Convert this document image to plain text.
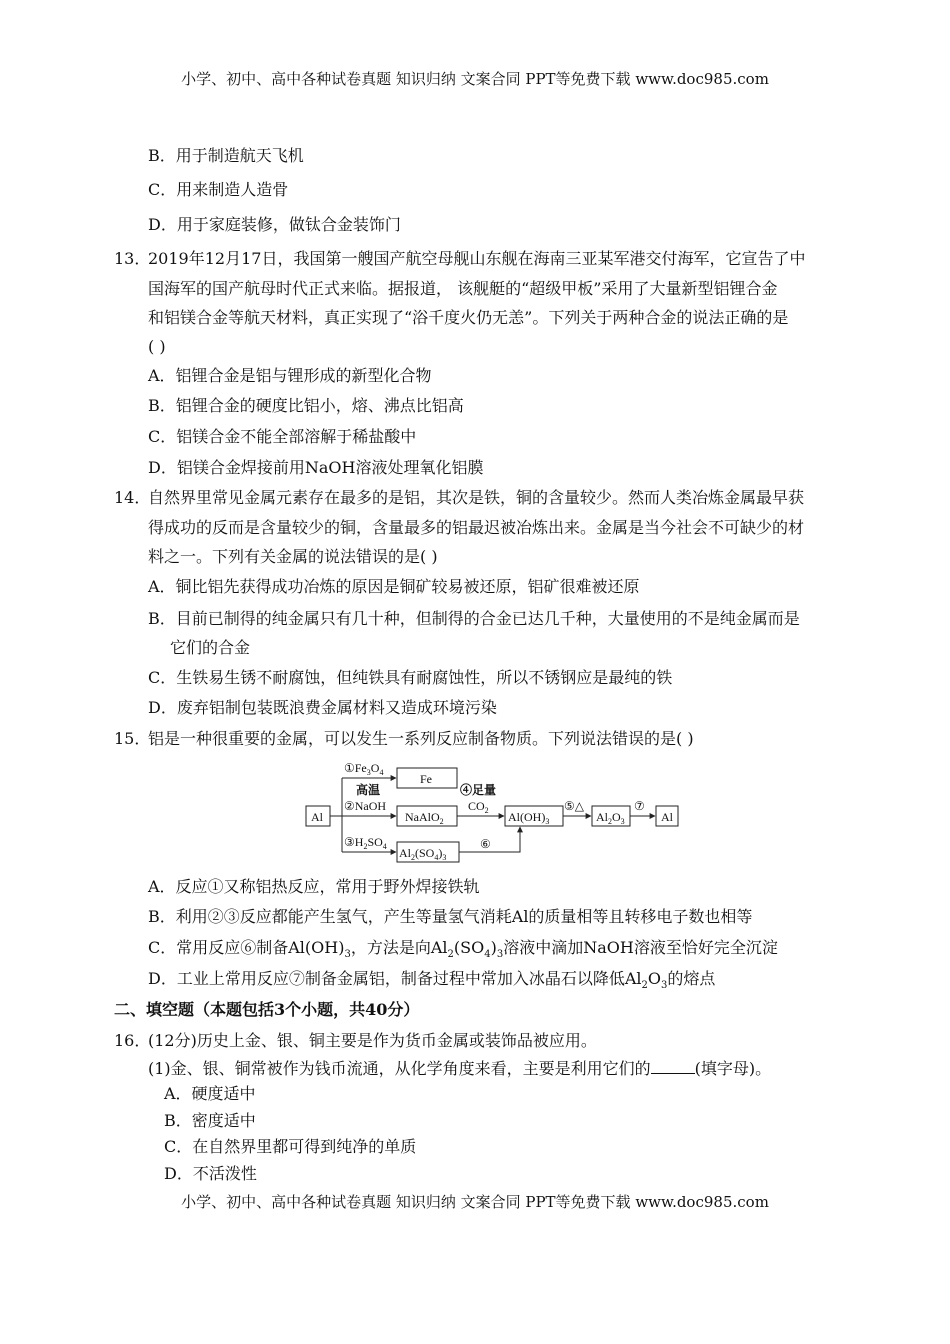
小学、初中、高中各种试卷真题 知识归纳 文案合同 PPT等免费下载 www.doc985.com
B．用于制造航天飞机
C．用来制造人造骨
D．用于家庭装修，做钛合金装饰门
13．
2019年12月17日，我国第一艘国产航空母舰山东舰在海南三亚某军港交付海军，它宣告了中
国海军的国产航母时代正式来临。据报道， 该舰艇的“超级甲板”采用了大量新型铝锂合金
和铝镁合金等航天材料，真正实现了“浴千度火仍无恙”。下列关于两种合金的说法正确的是
( )
A．铝锂合金是铝与锂形成的新型化合物
B．铝锂合金的硬度比铝小，熔、沸点比铝高
C．铝镁合金不能全部溶解于稀盐酸中
D．铝镁合金焊接前用NaOH溶液处理氧化铝膜
14．
自然界里常见金属元素存在最多的是铝，其次是铁，铜的含量较少。然而人类冶炼金属最早获
得成功的反而是含量较少的铜，含量最多的铝最迟被冶炼出来。金属是当今社会不可缺少的材
料之一。下列有关金属的说法错误的是( )
A．铜比铝先获得成功冶炼的原因是铜矿较易被还原，铝矿很难被还原
B．目前已制得的纯金属只有几十种，但制得的合金已达几千种，大量使用的不是纯金属而是
它们的合金
C．生铁易生锈不耐腐蚀，但纯铁具有耐腐蚀性，所以不锈钢应是最纯的铁
D．废弃铝制包装既浪费金属材料又造成环境污染
15．
铝是一种很重要的金属，可以发生一系列反应制备物质。下列说法错误的是( )
Al
Fe
NaAlO$_2$	$Al(OH)_3$	$Al_2O_3$	Al
$Al_2(SO_4)_3$
$①Fe_3O_4$
高温
②NaOH
$③H_2SO_4$
④足量
$CO_2$	⑤△
⑥
⑦
A．反应①又称铝热反应，常用于野外焊接铁轨
B．利用②③反应都能产生氢气，产生等量氢气消耗Al的质量相等且转移电子数也相等
C．常用反应⑥制备$Al(OH)_3$，方法是向$Al_2(SO_4)_3$溶液中滴加NaOH溶液至恰好完全沉淀
D．工业上常用反应⑦制备金属铝，制备过程中常加入冰晶石以降低$Al_2O_3$的熔点
二、填空题（本题包括3个小题，共40分）
16．
(12分)历史上金、银、铜主要是作为货币金属或装饰品被应用。
(1)金、银、铜常被作为钱币流通，从化学角度来看，主要是利用它们的	(填字母)。
A．硬度适中
B．密度适中
C．在自然界里都可得到纯净的单质
D．不活泼性
小学、初中、高中各种试卷真题 知识归纳 文案合同 PPT等免费下载 www.doc985.com
